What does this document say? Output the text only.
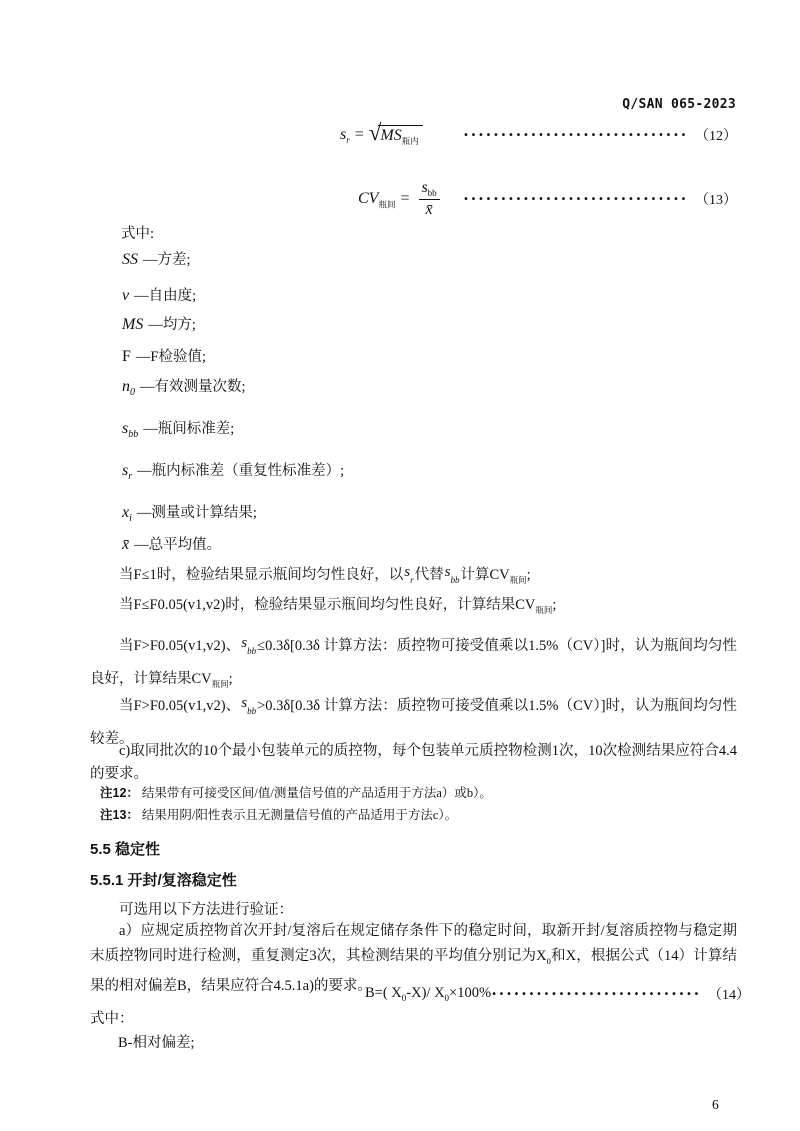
Q/SAN 065-2023
$s_r$ = √ $MS_{瓶内}$
•••••••••••••••••••••••••••••• （12）
$CV_{瓶间} = \frac{s_{bb}}{x̄}$ •••••••••••••••••••••••••••••• （13）
式中:
SS —方差;
v —自由度;
MS —均方;
F —F检验值;
$n_0$ —有效测量次数;
$s_{bb}$ —瓶间标准差;
$s_r$ —瓶内标准差（重复性标准差）;
$x_i$ —测量或计算结果;
x̄ —总平均值。
当F≤1时，检验结果显示瓶间均匀性良好，以$s_r$代替$s_{bb}$计算$CV_{瓶间}$;
当F≤F0.05(v1,v2)时，检验结果显示瓶间均匀性良好，计算结果$CV_{瓶间}$;
当F>F0.05(v1,v2)、$s_{bb}\le 0.3\delta[0.3\delta$ 计算方法：质控物可接受值乘以1.5%（CV）]时，认为瓶间均匀性良好，计算结果$CV_{瓶间}$;
当F>F0.05(v1,v2)、$s_{bb}>0.3\delta[0.3\delta$ 计算方法：质控物可接受值乘以1.5%（CV）]时，认为瓶间均匀性较差。
c)取同批次的10个最小包装单元的质控物，每个包装单元质控物检测1次，10次检测结果应符合4.4的要求。
注12： 结果带有可接受区间/值/测量信号值的产品适用于方法a）或b）。
注13： 结果用阴/阳性表示且无测量信号值的产品适用于方法c）。
5.5 稳定性
5.5.1 开封/复溶稳定性
可选用以下方法进行验证：
a）应规定质控物首次开封/复溶后在规定储存条件下的稳定时间，取新开封/复溶质控物与稳定期末质控物同时进行检测，重复测定3次，其检测结果的平均值分别记为$X_0$和X，根据公式（14）计算结果的相对偏差B，结果应符合4.5.1a)的要求。
B=( $X_0-X)/$ $X_0\times 100\%$ •••••••••••••••••••••••••••• （14）
式中：
B-相对偏差;
6
